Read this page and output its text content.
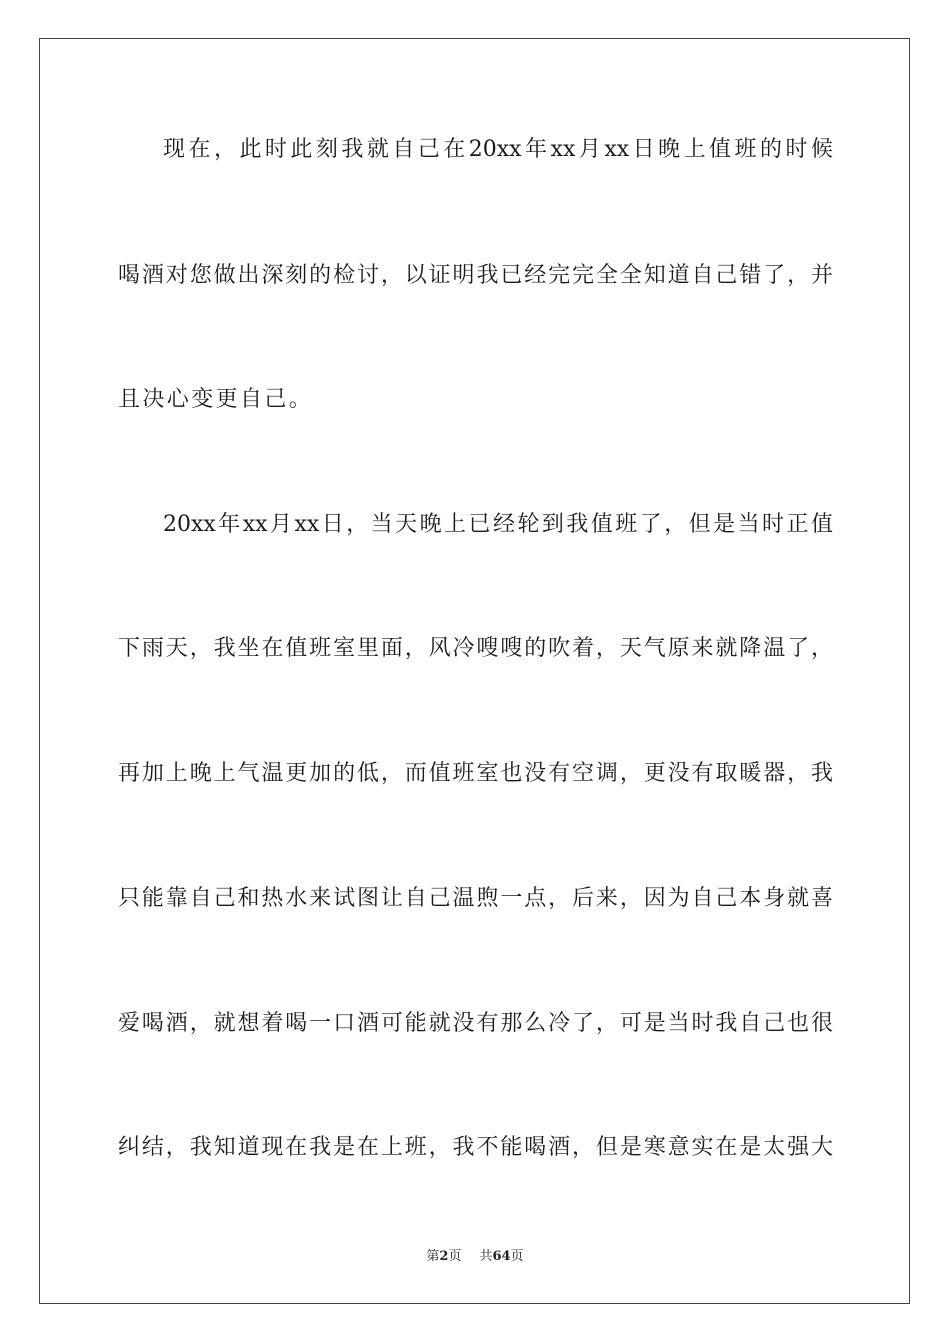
现在，此时此刻我就自己在20xx年xx月xx日晚上值班的时候
喝酒对您做出深刻的检讨，以证明我已经完完全全知道自己错了，并
且决心变更自己。
20xx年xx月xx日，当天晚上已经轮到我值班了，但是当时正值
下雨天，我坐在值班室里面，风冷嗖嗖的吹着，天气原来就降温了，
再加上晚上气温更加的低，而值班室也没有空调，更没有取暖器，我
只能靠自己和热水来试图让自己温煦一点，后来，因为自己本身就喜
爱喝酒，就想着喝一口酒可能就没有那么冷了，可是当时我自己也很
纠结，我知道现在我是在上班，我不能喝酒，但是寒意实在是太强大
第2页 共64页
